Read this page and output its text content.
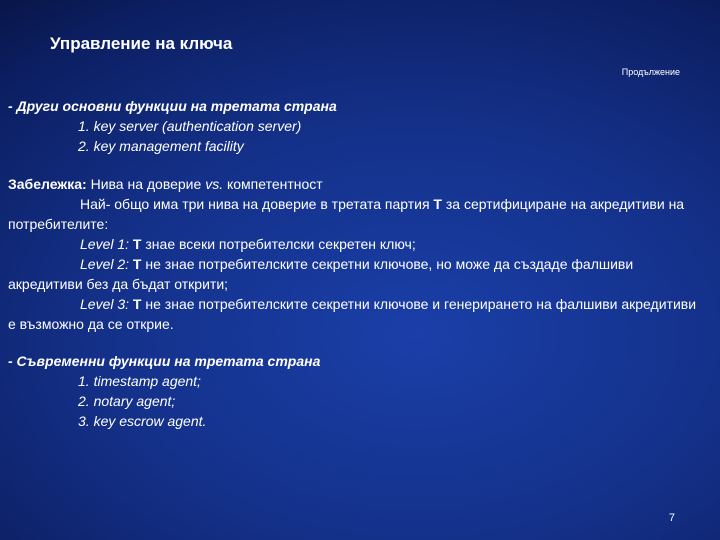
Управление на ключа
Продължение
- Други основни функции на третата страна
1. key server (authentication server)
2. key management facility
Забележка: Нива на доверие vs. компетентност
Най- общо има три нива на доверие в третата партия T за сертифициране на акредитиви на потребителите:
Level 1: T знае всеки потребителски секретен ключ;
Level 2: T не знае потребителските секретни ключове, но може да създаде фалшиви акредитиви без да бъдат открити;
Level 3: T не знае потребителските секретни ключове и генерирането на фалшиви акредитиви е възможно да се открие.
- Съвременни функции на третата страна
1. timestamp agent;
2. notary agent;
3. key escrow agent.
7
